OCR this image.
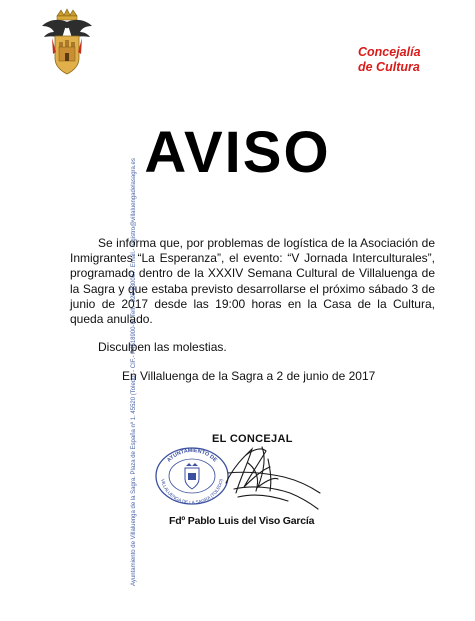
Concejalía
de Cultura
Ayuntamiento de Villaluenga de la Sagra. Plaza de España nº 1. 45520 (Toledo) - CIF.- P4518900-H. Telf.- 925 530067. Email.- registro@villaluengadelasagra.es
AVISO
Se informa que, por problemas de logística de la Asociación de Inmigrantes “La Esperanza”, el evento: “V Jornada Interculturales”, programado dentro de la XXXIV Semana Cultural de Villaluenga de la Sagra y que estaba previsto desarrollarse el próximo sábado 3 de junio de 2017 desde las 19:00 horas en la Casa de la Cultura, queda anulado.
Disculpen las molestias.
En Villaluenga de la Sagra a 2 de junio de 2017
EL CONCEJAL
AYUNTAMIENTO DE
VILLALUENGA DE LA SAGRA (TOLEDO)
Fdº Pablo Luis del Viso García
